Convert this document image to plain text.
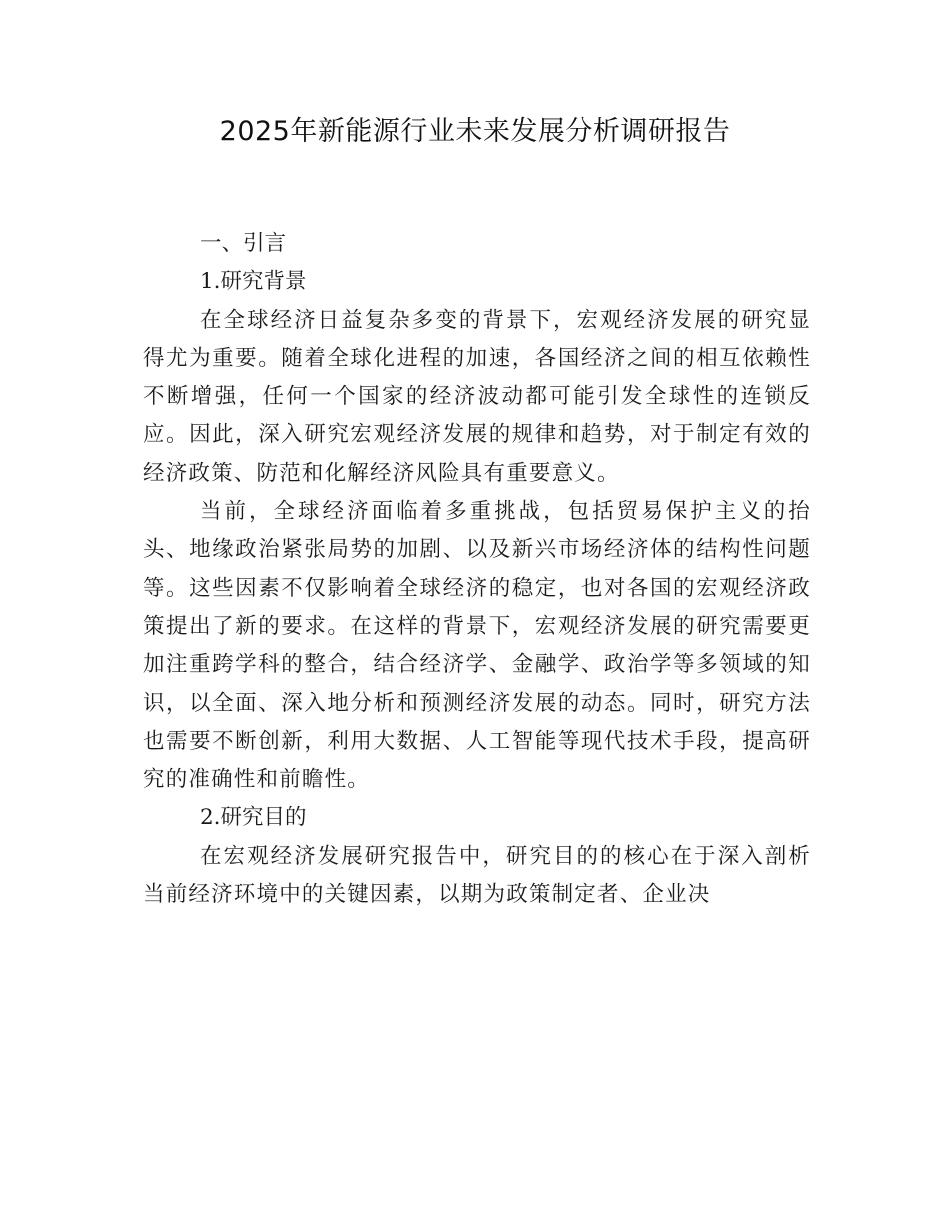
2025年新能源行业未来发展分析调研报告
一、引言
1.研究背景

在全球经济日益复杂多变的背景下，宏观经济发展的研究显得尤为重要。随着全球化进程的加速，各国经济之间的相互依赖性不断增强，任何一个国家的经济波动都可能引发全球性的连锁反应。因此，深入研究宏观经济发展的规律和趋势，对于制定有效的经济政策、防范和化解经济风险具有重要意义。

当前，全球经济面临着多重挑战，包括贸易保护主义的抬头、地缘政治紧张局势的加剧、以及新兴市场经济体的结构性问题等。这些因素不仅影响着全球经济的稳定，也对各国的宏观经济政策提出了新的要求。在这样的背景下，宏观经济发展的研究需要更加注重跨学科的整合，结合经济学、金融学、政治学等多领域的知识，以全面、深入地分析和预测经济发展的动态。同时，研究方法也需要不断创新，利用大数据、人工智能等现代技术手段，提高研究的准确性和前瞻性。

2.研究目的

在宏观经济发展研究报告中，研究目的的核心在于深入剖析当前经济环境中的关键因素，以期为政策制定者、企业决
